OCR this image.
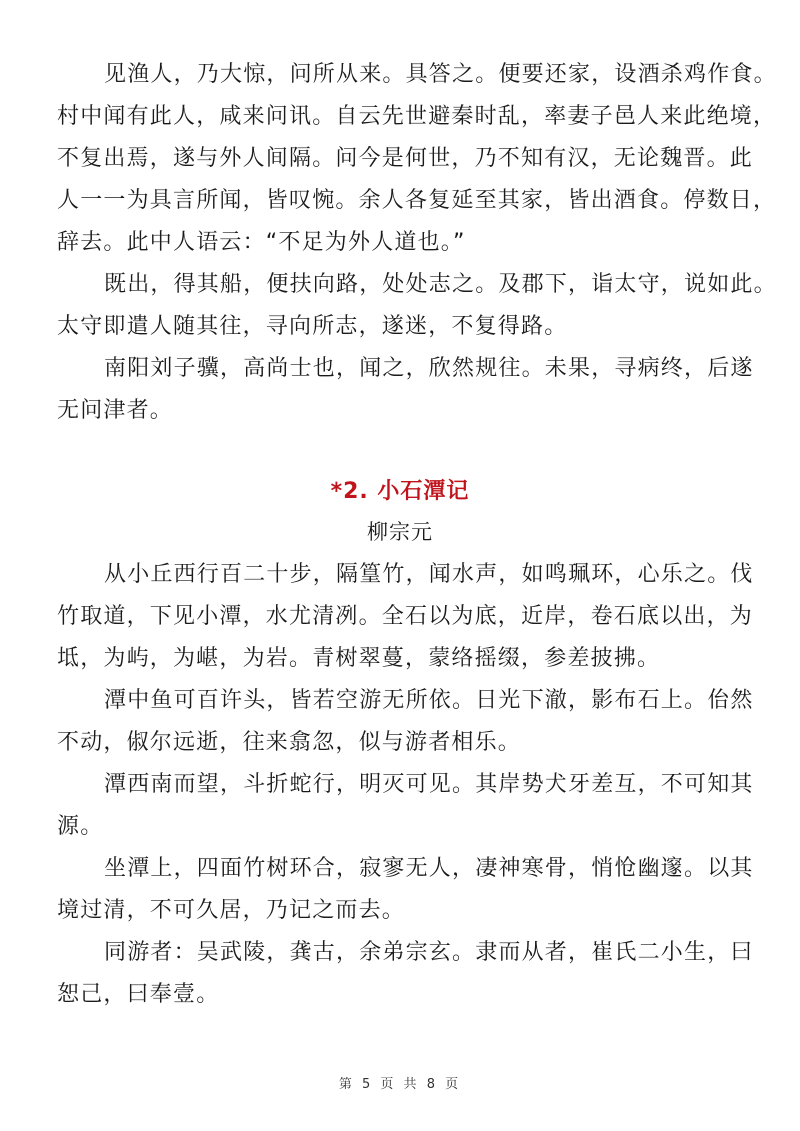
见渔人，乃大惊，问所从来。具答之。便要还家，设酒杀鸡作食。
村中闻有此人，咸来问讯。自云先世避秦时乱，率妻子邑人来此绝境，
不复出焉，遂与外人间隔。问今是何世，乃不知有汉，无论魏晋。此
人一一为具言所闻，皆叹惋。余人各复延至其家，皆出酒食。停数日，
辞去。此中人语云：“不足为外人道也。”
既出，得其船，便扶向路，处处志之。及郡下，诣太守，说如此。
太守即遣人随其往，寻向所志，遂迷，不复得路。
南阳刘子骥，高尚士也，闻之，欣然规往。未果，寻病终，后遂
无问津者。
*2. 小石潭记
柳宗元
从小丘西行百二十步，隔篁竹，闻水声，如鸣珮环，心乐之。伐
竹取道，下见小潭，水尤清冽。全石以为底，近岸，卷石底以出，为
坻，为屿，为嵁，为岩。青树翠蔓，蒙络摇缀，参差披拂。
潭中鱼可百许头，皆若空游无所依。日光下澈，影布石上。佁然
不动，俶尔远逝，往来翕忽，似与游者相乐。
潭西南而望，斗折蛇行，明灭可见。其岸势犬牙差互，不可知其
源。
坐潭上，四面竹树环合，寂寥无人，凄神寒骨，悄怆幽邃。以其
境过清，不可久居，乃记之而去。
同游者：吴武陵，龚古，余弟宗玄。隶而从者，崔氏二小生，曰
恕己，曰奉壹。
第 5 页 共 8 页
